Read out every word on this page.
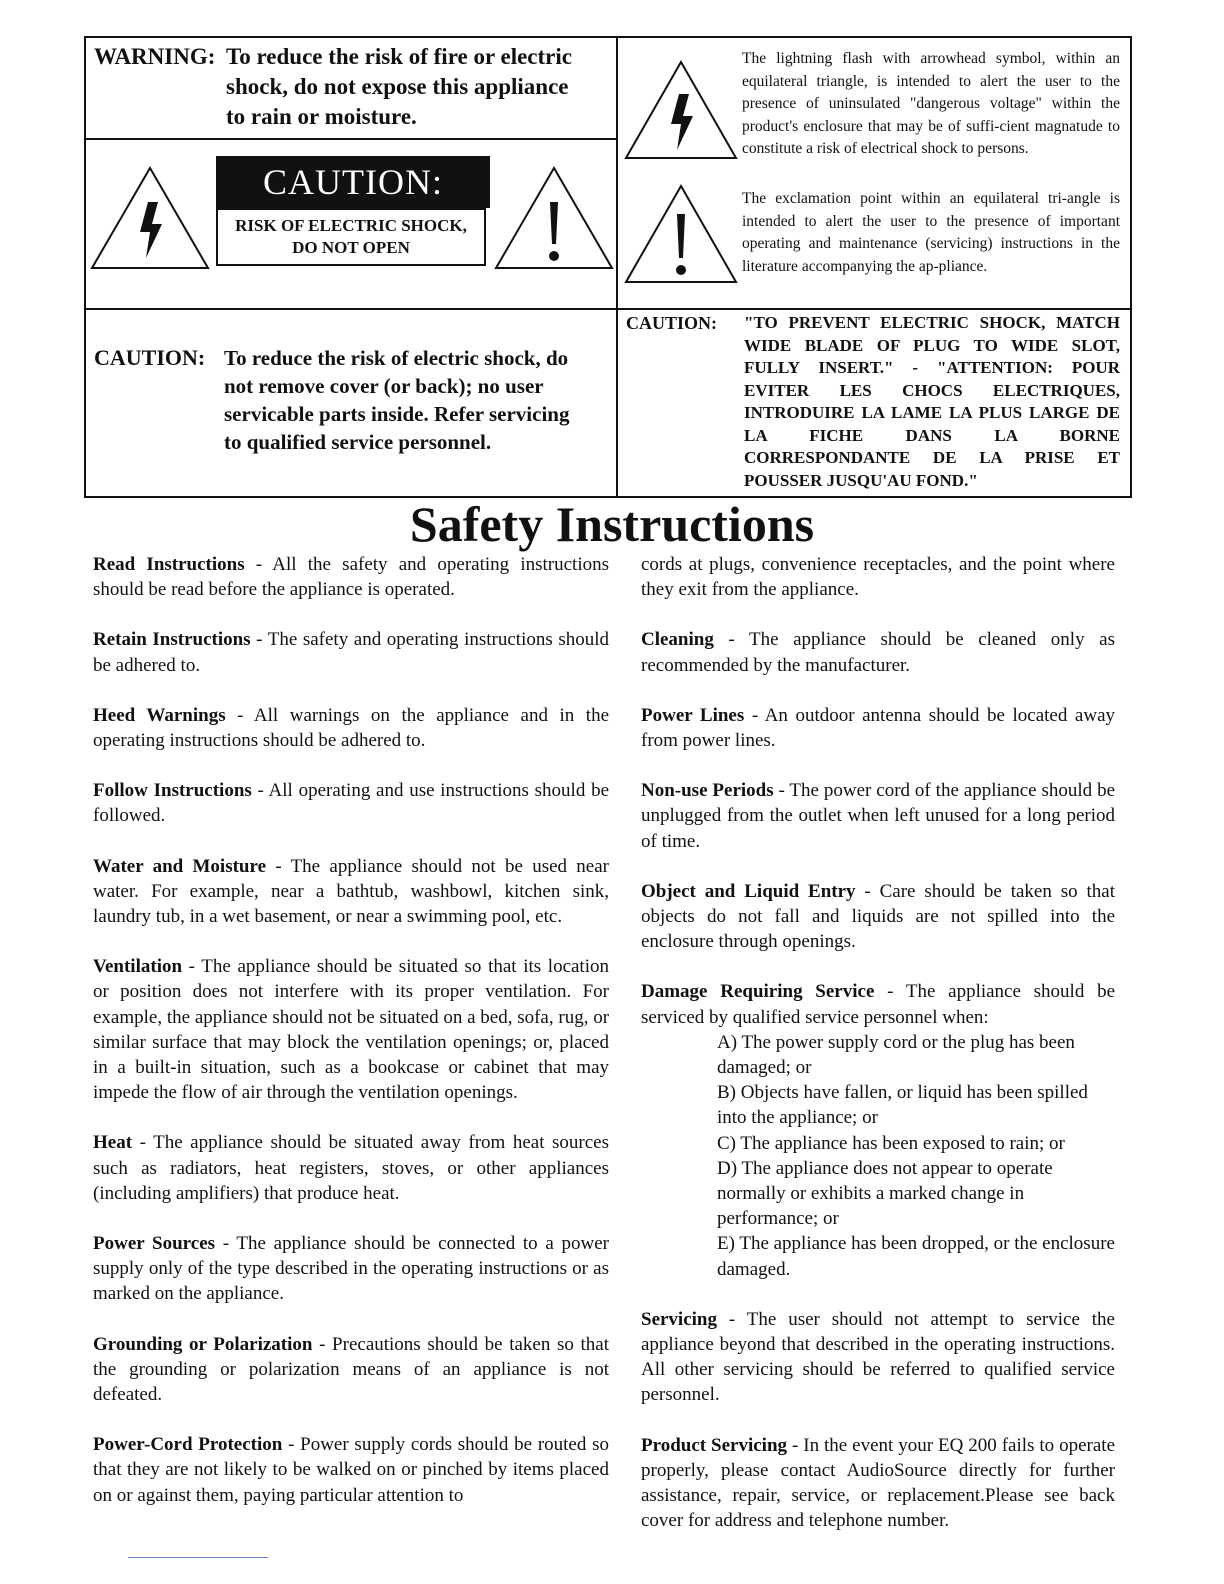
WARNING: To reduce the risk of fire or electric
shock, do not expose this appliance
to rain or moisture.
CAUTION:
RISK OF ELECTRIC SHOCK,
DO NOT OPEN
CAUTION: To reduce the risk of electric shock, do
not remove cover (or back); no user
servicable parts inside. Refer servicing
to qualified service personnel.
The lightning flash with arrowhead symbol, within an equilateral triangle, is intended to alert the user to the presence of uninsulated "dangerous voltage" within the product's enclosure that may be of suffi-cient magnatude to constitute a risk of electrical shock to persons.
The exclamation point within an equilateral tri-angle is intended to alert the user to the presence of important operating and maintenance (servicing) instructions in the literature accompanying the ap-pliance.
CAUTION:	"TO PREVENT ELECTRIC SHOCK, MATCH WIDE BLADE OF PLUG TO WIDE SLOT, FULLY INSERT." - "ATTENTION: POUR EVITER LES CHOCS ELECTRIQUES, INTRODUIRE LA LAME LA PLUS LARGE DE LA FICHE DANS LA BORNE CORRESPONDANTE DE LA PRISE ET POUSSER JUSQU'AU FOND."
Safety Instructions

Read Instructions - All the safety and operating instructions should be read before the appliance is operated.

Retain Instructions - The safety and operating instructions should be adhered to.

Heed Warnings - All warnings on the appliance and in the operating instructions should be adhered to.

Follow Instructions - All operating and use instructions should be followed.

Water and Moisture - The appliance should not be used near water. For example, near a bathtub, washbowl, kitchen sink, laundry tub, in a wet basement, or near a swimming pool, etc.

Ventilation - The appliance should be situated so that its location or position does not interfere with its proper ventilation. For example, the appliance should not be situated on a bed, sofa, rug, or similar surface that may block the ventilation openings; or, placed in a built-in situation, such as a bookcase or cabinet that may impede the flow of air through the ventilation openings.

Heat - The appliance should be situated away from heat sources such as radiators, heat registers, stoves, or other appliances (including amplifiers) that produce heat.

Power Sources - The appliance should be connected to a power supply only of the type described in the operating instructions or as marked on the appliance.

Grounding or Polarization - Precautions should be taken so that the grounding or polarization means of an appliance is not defeated.

Power-Cord Protection - Power supply cords should be routed so that they are not likely to be walked on or pinched by items placed on or against them, paying particular attention to

cords at plugs, convenience receptacles, and the point where they exit from the appliance.

Cleaning - The appliance should be cleaned only as recommended by the manufacturer.

Power Lines - An outdoor antenna should be located away from power lines.

Non-use Periods - The power cord of the appliance should be unplugged from the outlet when left unused for a long period of time.

Object and Liquid Entry - Care should be taken so that objects do not fall and liquids are not spilled into the enclosure through openings.

Damage Requiring Service - The appliance should be serviced by qualified service personnel when:
A) The power supply cord or the plug has been damaged; or
B) Objects have fallen, or liquid has been spilled into the appliance; or
C) The appliance has been exposed to rain; or
D) The appliance does not appear to operate normally or exhibits a marked change in performance; or
E) The appliance has been dropped, or the enclosure damaged.

Servicing - The user should not attempt to service the appliance beyond that described in the operating instructions. All other servicing should be referred to qualified service personnel.

Product Servicing - In the event your EQ 200 fails to operate properly, please contact AudioSource directly for further assistance, repair, service, or replacement.Please see back cover for address and telephone number.
